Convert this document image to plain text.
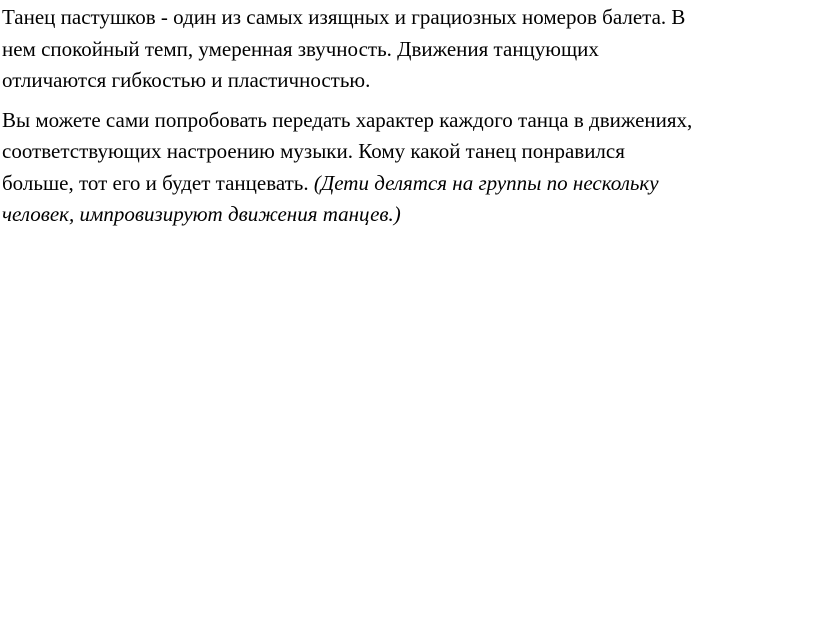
Танец пастушков - один из самых изящных и грациозных номеров балета. В
нем спокойный темп, умеренная звучность. Движения танцующих
отличаются гибкостью и пластичностью.

Вы можете сами попробовать передать характер каждого танца в движениях,
соответствующих настроению музыки. Кому какой танец понравился
больше, тот его и будет танцевать. (Дети делятся на группы по нескольку
человек, импровизируют движения танцев.)
